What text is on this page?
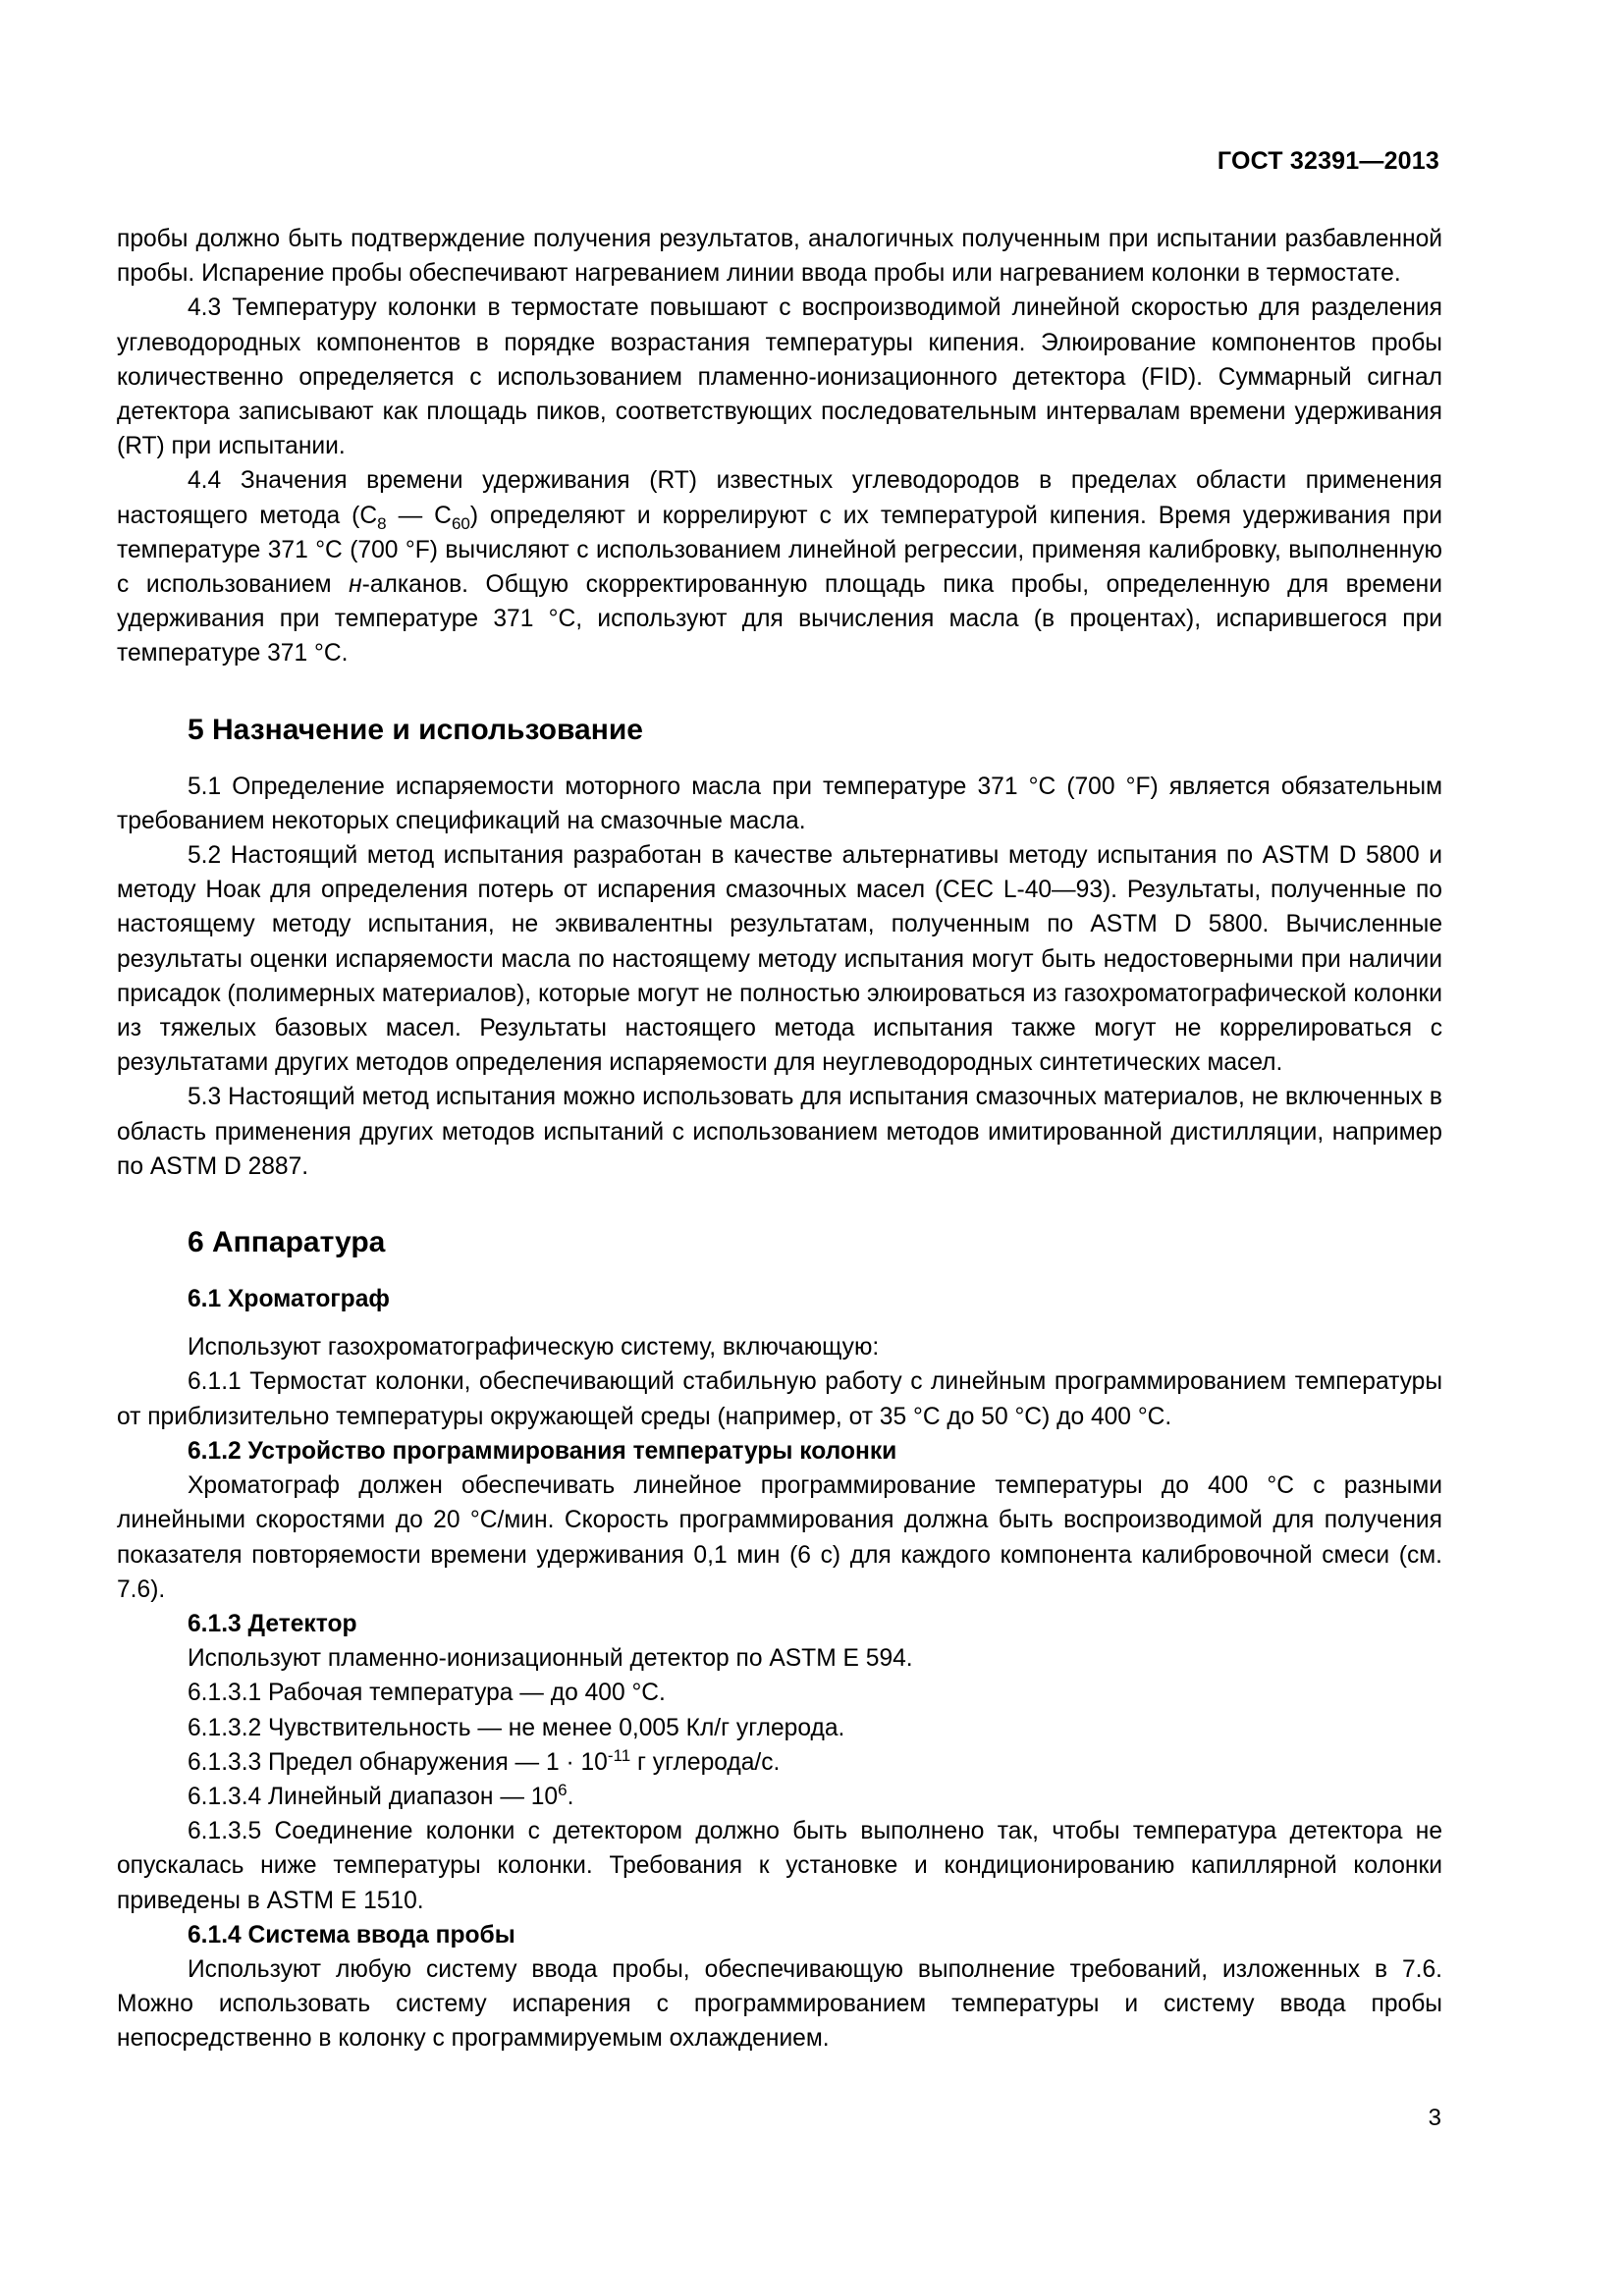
ГОСТ 32391—2013

пробы должно быть подтверждение получения результатов, аналогичных полученным при испытании разбавленной пробы. Испарение пробы обеспечивают нагреванием линии ввода пробы или нагреванием колонки в термостате.

4.3 Температуру колонки в термостате повышают с воспроизводимой линейной скоростью для разделения углеводородных компонентов в порядке возрастания температуры кипения. Элюирование компонентов пробы количественно определяется с использованием пламенно-ионизационного детектора (FID). Суммарный сигнал детектора записывают как площадь пиков, соответствующих последовательным интервалам времени удерживания (RT) при испытании.

4.4 Значения времени удерживания (RT) известных углеводородов в пределах области применения настоящего метода ($C_8$ — $C_{60}$) определяют и коррелируют с их температурой кипения. Время удерживания при температуре 371 °C (700 °F) вычисляют с использованием линейной регрессии, применяя калибровку, выполненную с использованием н-алканов. Общую скорректированную площадь пика пробы, определенную для времени удерживания при температуре 371 °C, используют для вычисления масла (в процентах), испарившегося при температуре 371 °C.

5 Назначение и использование

5.1 Определение испаряемости моторного масла при температуре 371 °C (700 °F) является обязательным требованием некоторых спецификаций на смазочные масла.

5.2 Настоящий метод испытания разработан в качестве альтернативы методу испытания по ASTM D 5800 и методу Ноак для определения потерь от испарения смазочных масел (CEC L-40—93). Результаты, полученные по настоящему методу испытания, не эквивалентны результатам, полученным по ASTM D 5800. Вычисленные результаты оценки испаряемости масла по настоящему методу испытания могут быть недостоверными при наличии присадок (полимерных материалов), которые могут не полностью элюироваться из газохроматографической колонки из тяжелых базовых масел. Результаты настоящего метода испытания также могут не коррелироваться с результатами других методов определения испаряемости для неуглеводородных синтетических масел.

5.3 Настоящий метод испытания можно использовать для испытания смазочных материалов, не включенных в область применения других методов испытаний с использованием методов имитированной дистилляции, например по ASTM D 2887.

6 Аппаратура
6.1 Хроматограф

Используют газохроматографическую систему, включающую:

6.1.1 Термостат колонки, обеспечивающий стабильную работу с линейным программированием температуры от приблизительно температуры окружающей среды (например, от 35 °C до 50 °C) до 400 °C.

6.1.2 Устройство программирования температуры колонки

Хроматограф должен обеспечивать линейное программирование температуры до 400 °C с разными линейными скоростями до 20 °C/мин. Скорость программирования должна быть воспроизводимой для получения показателя повторяемости времени удерживания 0,1 мин (6 с) для каждого компонента калибровочной смеси (см. 7.6).

6.1.3 Детектор

Используют пламенно-ионизационный детектор по ASTM E 594.

6.1.3.1 Рабочая температура — до 400 °C.

6.1.3.2 Чувствительность — не менее 0,005 Кл/г углерода.

6.1.3.3 Предел обнаружения — $1 \cdot 10^{-11}$ г углерода/с.

6.1.3.4 Линейный диапазон — $10^6$.

6.1.3.5 Соединение колонки с детектором должно быть выполнено так, чтобы температура детектора не опускалась ниже температуры колонки. Требования к установке и кондиционированию капиллярной колонки приведены в ASTM E 1510.

6.1.4 Система ввода пробы

Используют любую систему ввода пробы, обеспечивающую выполнение требований, изложенных в 7.6. Можно использовать систему испарения с программированием температуры и систему ввода пробы непосредственно в колонку с программируемым охлаждением.

3
